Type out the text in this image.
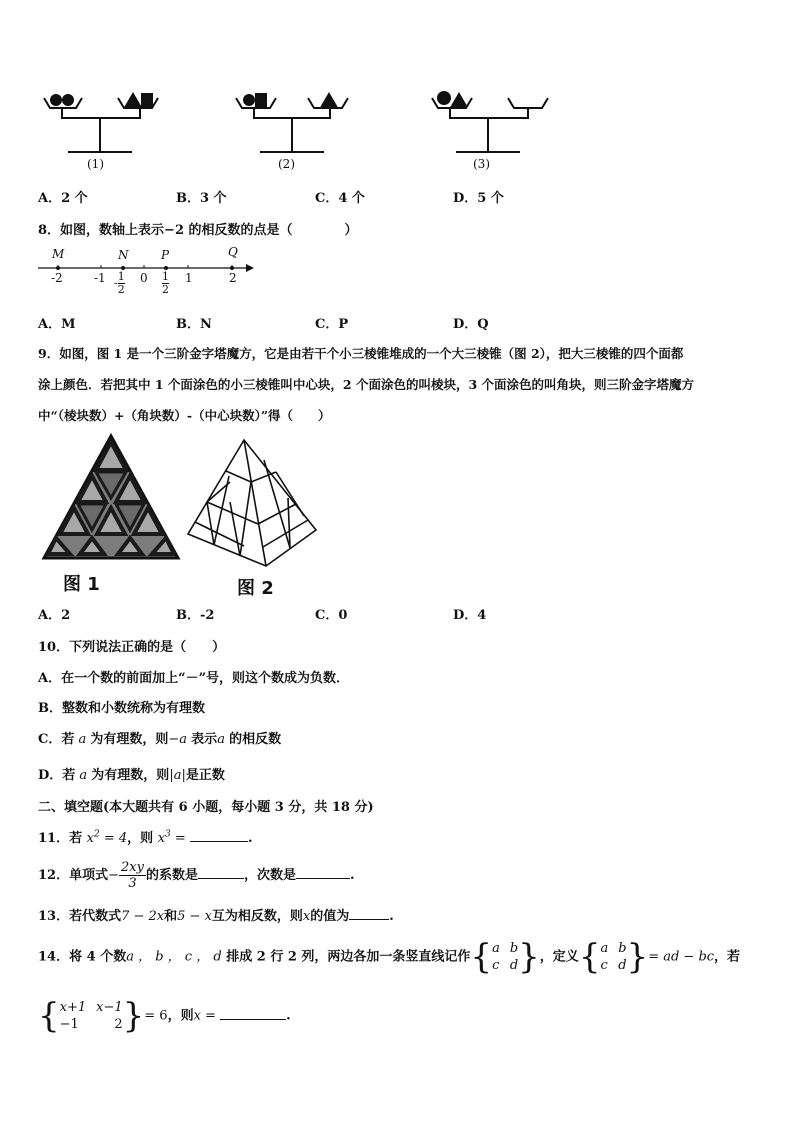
(1)	(2)	(3)
A．2 个	B．3 个	C．4 个	D．5 个
8．如图，数轴上表示−2 的相反数的点是（　　　　）
M	N	P	Q
-2	-1	0	1	2
- $\frac{1}{2}$	1
2
A．M	B．N	C．P	D．Q
9．如图，图 1 是一个三阶金字塔魔方，它是由若干个小三棱锥堆成的一个大三棱锥（图 2），把大三棱锥的四个面都
涂上颜色．若把其中 1 个面涂色的小三棱锥叫中心块，2 个面涂色的叫棱块，3 个面涂色的叫角块，则三阶金字塔魔方
中“（棱块数）+（角块数）-（中心块数）”得（　　）
图 1	图 2
A．2	B．-2	C．0	D．4
10．下列说法正确的是（　　）
A．在一个数的前面加上“－”号，则这个数成为负数．
B．整数和小数统称为有理数
C．若 a 为有理数，则−a 表示a 的相反数
D．若 a 为有理数，则|a|是正数
二、填空题(本大题共有 6 小题，每小题 3 分，共 18 分)
11．若 $x^2 = 4$，则 $x^3$ =	.
12．单项式− $\frac{2xy}{3}$ 的系数是	，次数是	.
13．若代数式7 − 2x和5 − x互为相反数，则x的值为	.
14．将 4 个数a ， b ， c ， d 排成 2 行 2 列，两边各加一条竖直线记作{ a b
c d }，定义{ a b
c d }= ad − bc，若
{ x+1 x−1
−1	2 }= 6，则x =	.
